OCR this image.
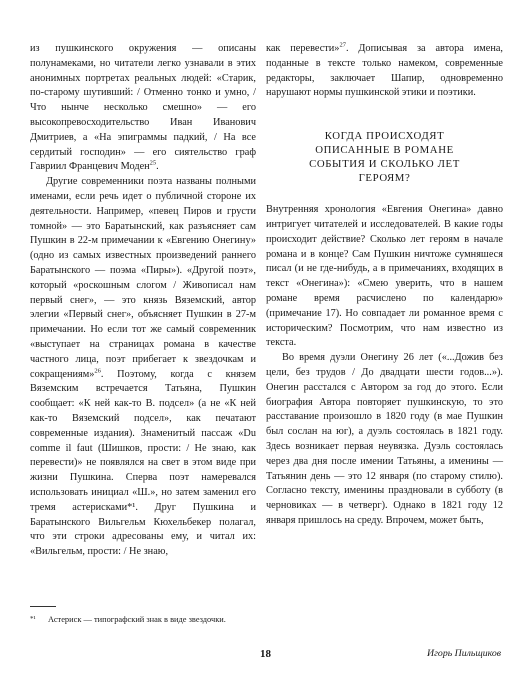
из пушкинского окружения — описаны полунамеками, но читатели легко узнавали в этих анонимных портретах реальных людей: «Старик, по-старому шутивший: / Отменно тонко и умно, / Что нынче несколько смешно» — его высокопревосходительство Иван Иванович Дмитриев, а «На эпиграммы падкий, / На все сердитый господин» — его сиятельство граф Гавриил Францевич Моден$^{25}$.

Другие современники поэта названы полными именами, если речь идет о публичной стороне их деятельности. Например, «певец Пиров и грусти томной» — это Баратынский, как разъясняет сам Пушкин в 22-м примечании к «Евгению Онегину» (одно из самых известных произведений раннего Баратынского — поэма «Пиры»). «Другой поэт», который «роскошным слогом / Живописал нам первый снег», — это князь Вяземский, автор элегии «Первый снег», объясняет Пушкин в 27-м примечании. Но если тот же самый современник «выступает на страницах романа в качестве частного лица, поэт прибегает к звездочкам и сокращениям»$^{26}$. Поэтому, когда с князем Вяземским встречается Татьяна, Пушкин сообщает: «К ней как-то В. подсел» (а не «К ней как-то Вяземский подсел», как печатают современные издания). Знаменитый пассаж «Du comme il faut (Шишков, прости: / Не знаю, как перевести)» не появлялся на свет в этом виде при жизни Пушкина. Сперва поэт намеревался использовать инициал «Ш.», но затем заменил его тремя астерисками*¹. Друг Пушкина и Баратынского Вильгельм Кюхельбекер полагал, что эти строки адресованы ему, и читал их: «Вильгельм, прости: / Не знаю,

как перевести»$^{27}$. Дописывая за автора имена, поданные в тексте только намеком, современные редакторы, заключает Шапир, одновременно нарушают нормы пушкинской этики и поэтики.

КОГДА ПРОИСХОДЯТ
ОПИСАННЫЕ В РОМАНЕ
СОБЫТИЯ И СКОЛЬКО ЛЕТ
ГЕРОЯМ?

Внутренняя хронология «Евгения Онегина» давно интригует читателей и исследователей. В какие годы происходит действие? Сколько лет героям в начале романа и в конце? Сам Пушкин ничтоже сумняшеся писал (и не где-нибудь, а в примечаниях, входящих в текст «Онегина»): «Смею уверить, что в нашем романе время расчислено по календарю» (примечание 17). Но совпадает ли романное время с историческим? Посмотрим, что нам известно из текста.

Во время дуэли Онегину 26 лет («...Дожив без цели, без трудов / До двадцати шести годов...»). Онегин расстался с Автором за год до этого. Если биография Автора повторяет пушкинскую, то это расставание произошло в 1820 году (в мае Пушкин был сослан на юг), а дуэль состоялась в 1821 году. Здесь возникает первая неувязка. Дуэль состоялась через два дня после имении Татьяны, а именины — Татьянин день — это 12 января (по старому стилю). Согласно тексту, именины праздновали в субботу (в черновиках — в четверг). Однако в 1821 году 12 января пришлось на среду. Впрочем, может быть,

*¹ Астериск — типографский знак в виде звездочки.
18	Игорь Пильщиков
